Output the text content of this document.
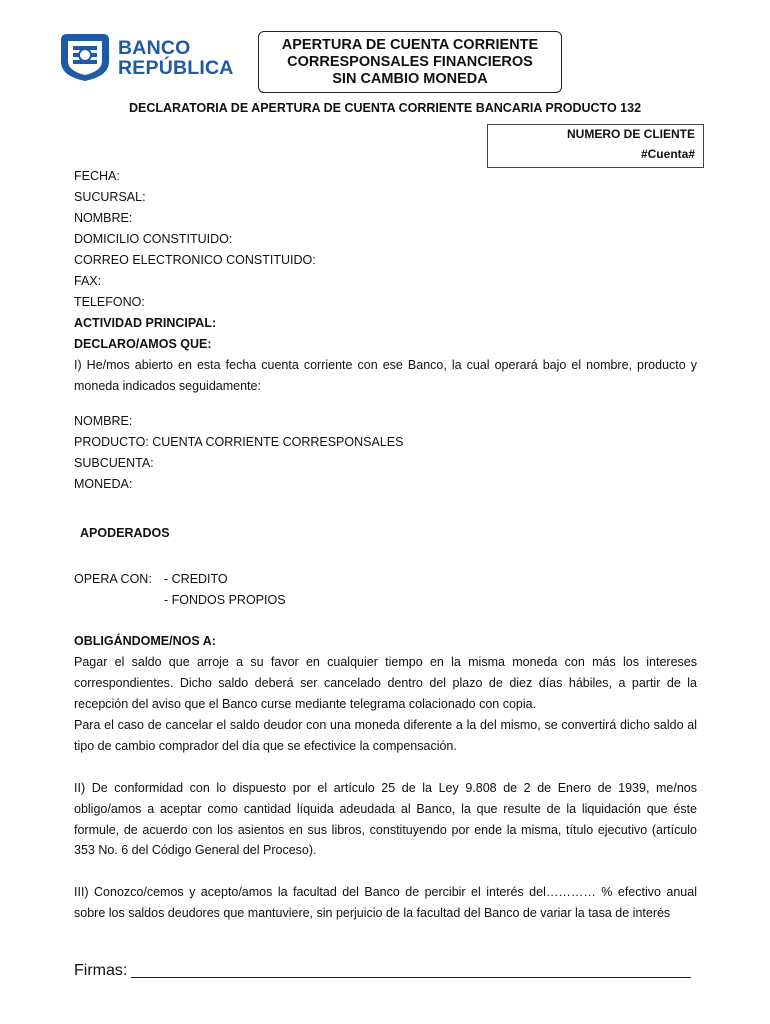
BANCO
REPÚBLICA
APERTURA DE CUENTA CORRIENTE
CORRESPONSALES FINANCIEROS
SIN CAMBIO MONEDA
DECLARATORIA DE APERTURA DE CUENTA CORRIENTE BANCARIA PRODUCTO 132
NUMERO DE CLIENTE
#Cuenta#
FECHA:
SUCURSAL:
NOMBRE:
DOMICILIO CONSTITUIDO:
CORREO ELECTRONICO CONSTITUIDO:
FAX:
TELEFONO:
ACTIVIDAD PRINCIPAL:
DECLARO/AMOS QUE:
I) He/mos abierto en esta fecha cuenta corriente con ese Banco, la cual operará bajo el nombre, producto y moneda indicados seguidamente:
NOMBRE:
PRODUCTO: CUENTA CORRIENTE CORRESPONSALES
SUBCUENTA:
MONEDA:
APODERADOS
OPERA CON: - CREDITO
- FONDOS PROPIOS
OBLIGÁNDOME/NOS A:
Pagar el saldo que arroje a su favor en cualquier tiempo en la misma moneda con más los intereses correspondientes. Dicho saldo deberá ser cancelado dentro del plazo de diez días hábiles, a partir de la recepción del aviso que el Banco curse mediante telegrama colacionado con copia.
Para el caso de cancelar el saldo deudor con una moneda diferente a la del mismo, se convertirá dicho saldo al tipo de cambio comprador del día que se efectivice la compensación.
II) De conformidad con lo dispuesto por el artículo 25 de la Ley 9.808 de 2 de Enero de 1939, me/nos obligo/amos a aceptar como cantidad líquida adeudada al Banco, la que resulte de la liquidación que éste formule, de acuerdo con los asientos en sus libros, constituyendo por ende la misma, título ejecutivo (artículo 353 No. 6 del Código General del Proceso).
III) Conozco/cemos y acepto/amos la facultad del Banco de percibir el interés del………… % efectivo anual sobre los saldos deudores que mantuviere, sin perjuicio de la facultad del Banco de variar la tasa de interés
Firmas:
